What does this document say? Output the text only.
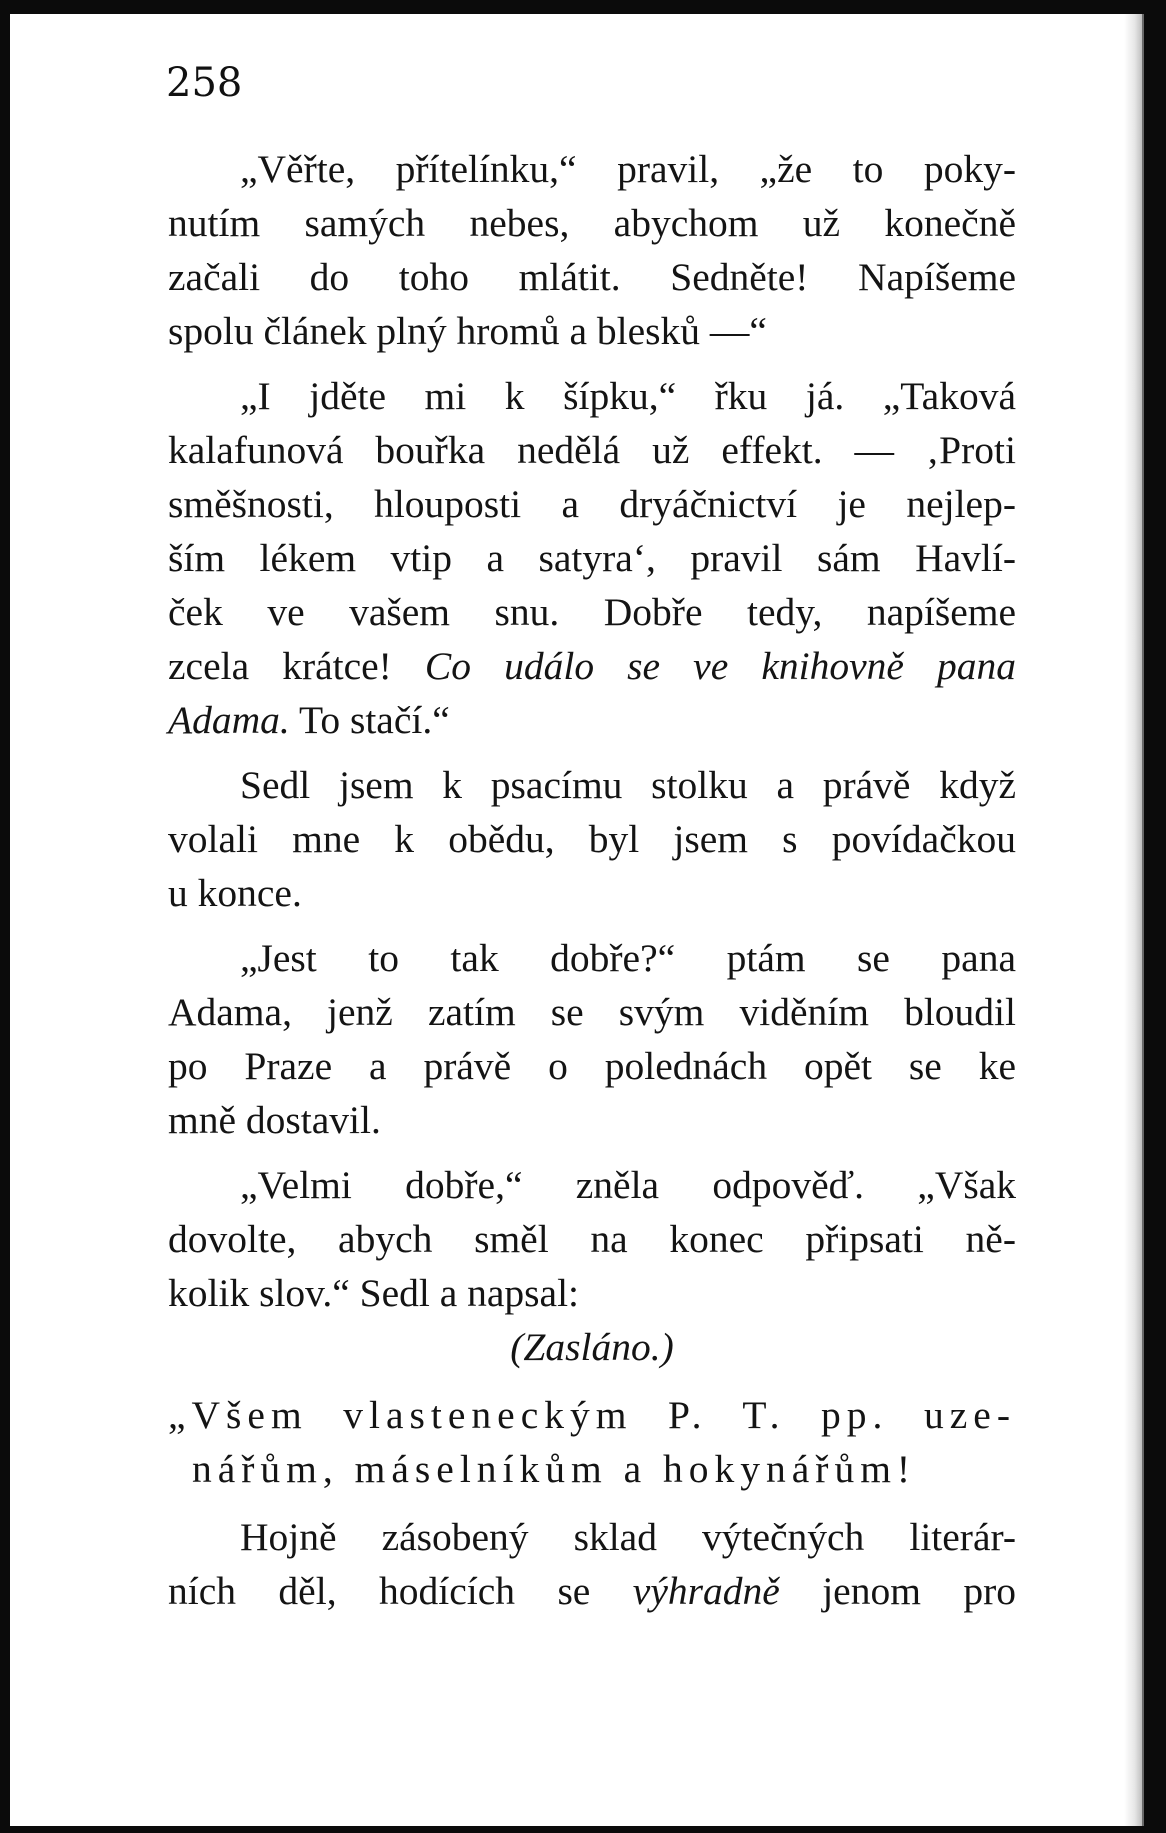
258
„Věřte, přítelínku,“ pravil, „že to poky-
nutím samých nebes, abychom už konečně
začali do toho mlátit. Sedněte! Napíšeme
spolu článek plný hromů a blesků —“
„I jděte mi k šípku,“ řku já. „Taková
kalafunová bouřka nedělá už effekt. — ‚Proti
směšnosti, hlouposti a dryáčnictví je nejlep-
ším lékem vtip a satyra‘, pravil sám Havlí-
ček ve vašem snu. Dobře tedy, napíšeme
zcela krátce! Co událo se ve knihovně pana
Adama. To stačí.“
Sedl jsem k psacímu stolku a právě když
volali mne k obědu, byl jsem s povídačkou
u konce.
„Jest to tak dobře?“ ptám se pana
Adama, jenž zatím se svým viděním bloudil
po Praze a právě o polednách opět se ke
mně dostavil.
„Velmi dobře,“ zněla odpověď. „Však
dovolte, abych směl na konec připsati ně-
kolik slov.“ Sedl a napsal:
(Zasláno.)
„Všem vlasteneckým P. T. pp. uze-
nářům, máselníkům a hokynářům!
Hojně zásobený sklad výtečných literár-
ních děl, hodících se výhradně jenom pro
